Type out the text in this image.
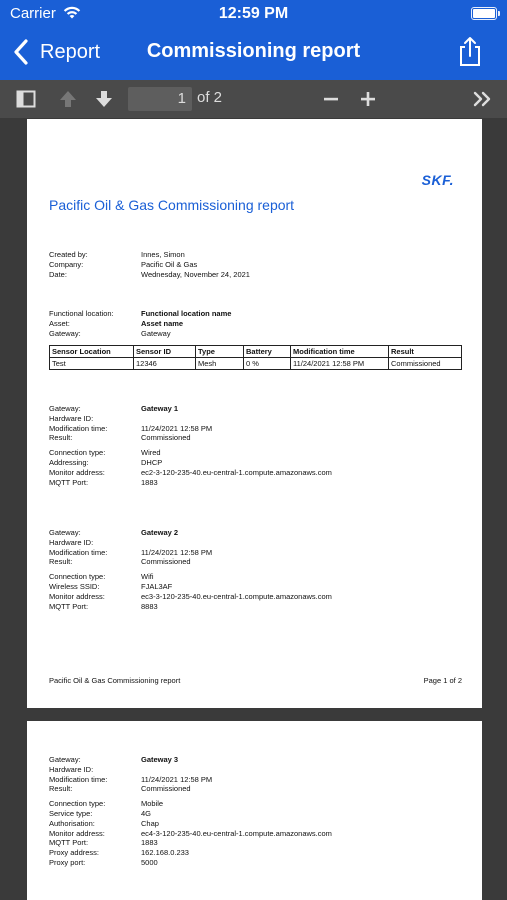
Carrier	12:59 PM
Report	Commissioning report
1 of 2
SKF.
Pacific Oil & Gas Commissioning report
Created by:	Innes, Simon
Company:	Pacific Oil & Gas
Date:	Wednesday, November 24, 2021
Functional location:	Functional location name
Asset:	Asset name
Gateway:	Gateway
Sensor Location	Sensor ID	Type	Battery	Modification time	Result
Test	12346	Mesh	0 %	11/24/2021 12:58 PM	Commissioned
Gateway:	Gateway 1
Hardware ID:
Modification time:	11/24/2021 12:58 PM
Result:	Commissioned
Connection type:	Wired
Addressing:	DHCP
Monitor address:	ec2-3-120-235-40.eu-central-1.compute.amazonaws.com
MQTT Port:	1883
Gateway:	Gateway 2
Hardware ID:
Modification time:	11/24/2021 12:58 PM
Result:	Commissioned
Connection type:	Wifi
Wireless SSID:	FJAL3AF
Monitor address:	ec3-3-120-235-40.eu-central-1.compute.amazonaws.com
MQTT Port:	8883
Pacific Oil & Gas Commissioning report	Page 1 of 2
Gateway:	Gateway 3
Hardware ID:
Modification time:	11/24/2021 12:58 PM
Result:	Commissioned
Connection type:	Mobile
Service type:	4G
Authorisation:	Chap
Monitor address:	ec4-3-120-235-40.eu-central-1.compute.amazonaws.com
MQTT Port:	1883
Proxy address:	162.168.0.233
Proxy port:	5000
